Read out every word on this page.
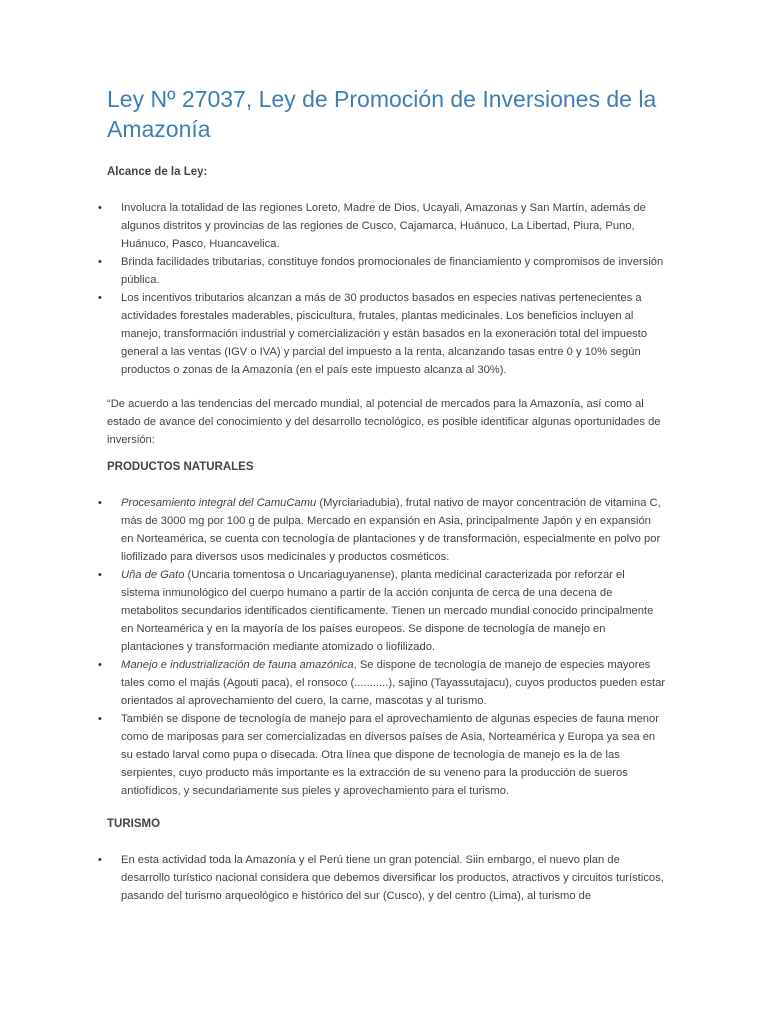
Ley Nº 27037, Ley de Promoción de Inversiones de la Amazonía
Alcance de la Ley:
• Involucra la totalidad de las regiones Loreto, Madre de Dios, Ucayali, Amazonas y San Martín, además de algunos distritos y provincias de las regiones de Cusco, Cajamarca, Huánuco, La Libertad, Piura, Puno, Huánuco, Pasco, Huancavelica.
• Brinda facilidades tributarias, constituye fondos promocionales de financiamiento y compromisos de inversión pública.
• Los incentivos tributarios alcanzan a más de 30 productos basados en especies nativas pertenecientes a actividades forestales maderables, piscicultura, frutales, plantas medicinales. Los beneficios incluyen al manejo, transformación industrial y comercialización y están basados en la exoneración total del impuesto general a las ventas (IGV o IVA) y parcial del impuesto a la renta, alcanzando tasas entre 0 y 10% según productos o zonas de la Amazonía (en el país este impuesto alcanza al 30%).
“De acuerdo a las tendencias del mercado mundial, al potencial de mercados para la Amazonía, así como al estado de avance del conocimiento y del desarrollo tecnológico, es posible identificar algunas oportunidades de inversión:
PRODUCTOS NATURALES
• Procesamiento integral del CamuCamu (Myrciariadubia), frutal nativo de mayor concentración de vitamina C, más de 3000 mg por 100 g de pulpa. Mercado en expansión en Asia, principalmente Japón y en expansión en Norteamérica, se cuenta con tecnología de plantaciones y de transformación, especialmente en polvo por liofilizado para diversos usos medicinales y productos cosméticos.
• Uña de Gato (Uncaria tomentosa o Uncariaguyanense), planta medicinal caracterizada por reforzar el sistema inmunológico del cuerpo humano a partir de la acción conjunta de cerca de una decena de metabolitos secundarios identificados científicamente. Tienen un mercado mundial conocido principalmente en Norteamérica y en la mayoría de los países europeos. Se dispone de tecnología de manejo en plantaciones y transformación mediante atomizado o liofilizado.
• Manejo e industrialización de fauna amazónica, Se dispone de tecnología de manejo de especies mayores tales como el majás (Agouti paca), el ronsoco (...........), sajino (Tayassutajacu), cuyos productos pueden estar orientados al aprovechamiento del cuero, la carne, mascotas y al turismo.
• También se dispone de tecnología de manejo para el aprovechamiento de algunas especies de fauna menor como de mariposas para ser comercializadas en diversos países de Asia, Norteamérica y Europa ya sea en su estado larval como pupa o disecada. Otra línea que dispone de tecnología de manejo es la de las serpientes, cuyo producto más importante es la extracción de su veneno para la producción de sueros antiofídicos, y secundariamente sus pieles y aprovechamiento para el turismo.
TURISMO
• En esta actividad toda la Amazonía y el Perú tiene un gran potencial. Siin embargo, el nuevo plan de desarrollo turístico nacional considera que debemos diversificar los productos, atractivos y circuitos turísticos, pasando del turismo arqueológico e histórico del sur (Cusco), y del centro (Lima), al turismo de
